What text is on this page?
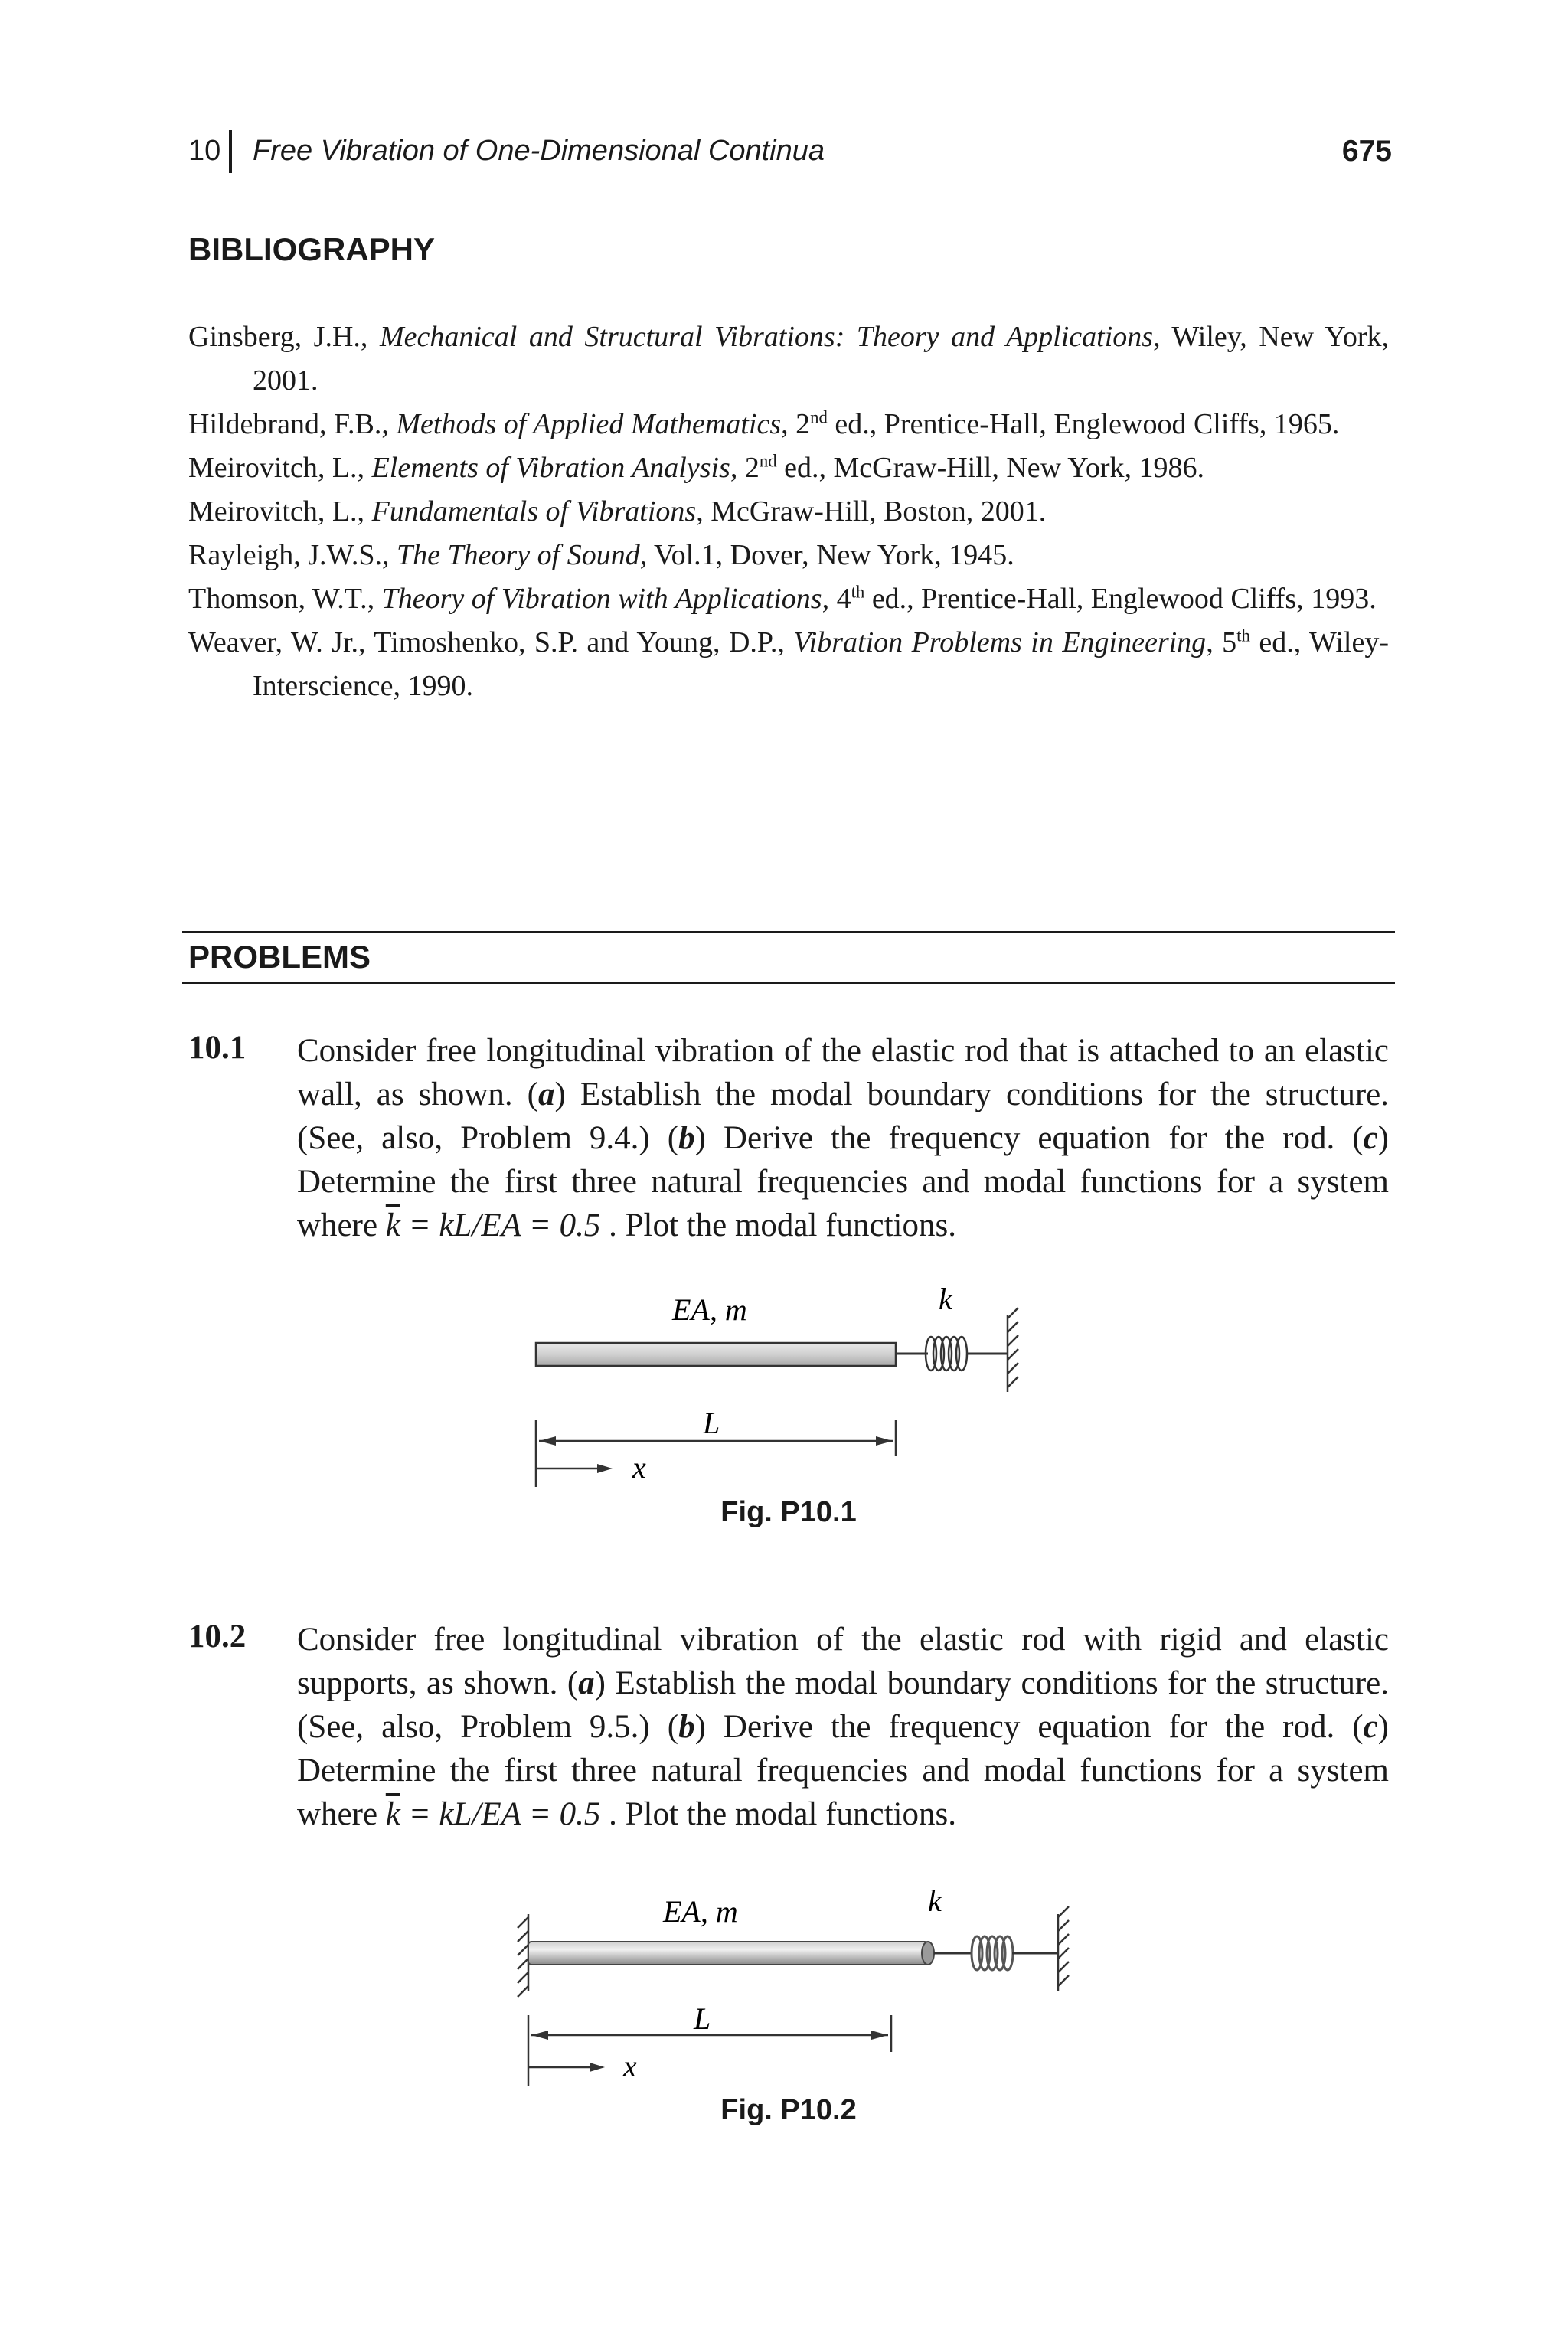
10 Free Vibration of One-Dimensional Continua	675
BIBLIOGRAPHY
Ginsberg, J.H., Mechanical and Structural Vibrations: Theory and Applications, Wiley, New York, 2001.
Hildebrand, F.B., Methods of Applied Mathematics, 2nd ed., Prentice-Hall, Englewood Cliffs, 1965.
Meirovitch, L., Elements of Vibration Analysis, 2nd ed., McGraw-Hill, New York, 1986.
Meirovitch, L., Fundamentals of Vibrations, McGraw-Hill, Boston, 2001.
Rayleigh, J.W.S., The Theory of Sound, Vol.1, Dover, New York, 1945.
Thomson, W.T., Theory of Vibration with Applications, 4th ed., Prentice-Hall, Englewood Cliffs, 1993.
Weaver, W. Jr., Timoshenko, S.P. and Young, D.P., Vibration Problems in Engineering, 5th ed., Wiley-Interscience, 1990.
PROBLEMS
10.1 Consider free longitudinal vibration of the elastic rod that is attached to an elastic wall, as shown. (a) Establish the modal boundary conditions for the structure. (See, also, Problem 9.4.) (b) Derive the frequency equation for the rod. (c) Determine the first three natural frequencies and modal functions for a system where $\overline{k} = kL/EA = 0.5$ . Plot the modal functions.
EA, m	k
L
x
Fig. P10.1
10.2 Consider free longitudinal vibration of the elastic rod with rigid and elastic supports, as shown. (a) Establish the modal boundary conditions for the structure. (See, also, Problem 9.5.) (b) Derive the frequency equation for the rod. (c) Determine the first three natural frequencies and modal functions for a system where $\overline{k} = kL/EA = 0.5$ . Plot the modal functions.
EA, m	k
L
x
Fig. P10.2
